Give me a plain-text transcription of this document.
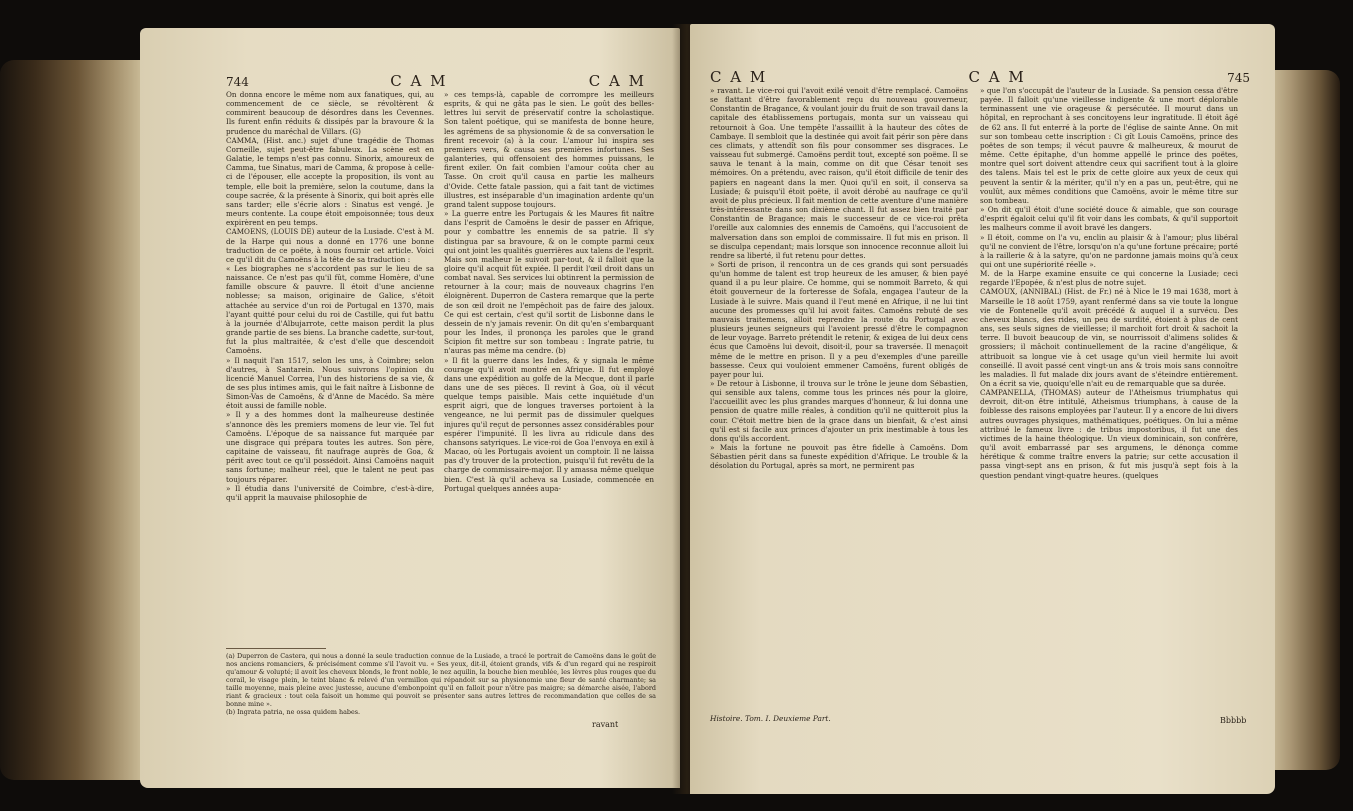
744	C A M	C A M

On donna encore le même nom aux fanatiques, qui, au commencement de ce siècle, se révoltèrent & commirent beaucoup de désordres dans les Cevennes. Ils furent enfin réduits & dissipés par la bravoure & la prudence du maréchal de Villars. (G)
CAMMA, (Hist. anc.) sujet d'une tragédie de Thomas Corneille, sujet peut-être fabuleux. La scène est en Galatie, le temps n'est pas connu. Sinorix, amoureux de Camma, tue Sinatus, mari de Camma, & propose à celle-ci de l'épouser, elle accepte la proposition, ils vont au temple, elle boit la première, selon la coutume, dans la coupe sacrée, & la présente à Sinorix, qui boit après elle sans tarder; elle s'écrie alors : Sinatus est vengé. Je meurs contente. La coupe étoit empoisonnée; tous deux expirèrent en peu temps.
CAMOENS, (LOUIS DE) auteur de la Lusiade. C'est à M. de la Harpe qui nous a donné en 1776 une bonne traduction de ce poëte, à nous fournir cet article. Voici ce qu'il dit du Camoëns à la tête de sa traduction :
« Les biographes ne s'accordent pas sur le lieu de sa naissance. Ce n'est pas qu'il fût, comme Homère, d'une famille obscure & pauvre. Il étoit d'une ancienne noblesse; sa maison, originaire de Galice, s'étoit attachée au service d'un roi de Portugal en 1370, mais l'ayant quitté pour celui du roi de Castille, qui fut battu à la journée d'Albujarrote, cette maison perdit la plus grande partie de ses biens. La branche cadette, sur-tout, fut la plus maltraitée, & c'est d'elle que descendoit Camoëns.
» Il naquit l'an 1517, selon les uns, à Coimbre; selon d'autres, à Santarein. Nous suivrons l'opinion du licencié Manuel Correa, l'un des historiens de sa vie, & de ses plus intimes amis, qui le fait naître à Lisbonne de Simon-Vas de Camoëns, & d'Anne de Macédo. Sa mère étoit aussi de famille noble.
» Il y a des hommes dont la malheureuse destinée s'annonce dès les premiers momens de leur vie. Tel fut Camoëns. L'époque de sa naissance fut marquée par une disgrace qui prépara toutes les autres. Son père, capitaine de vaisseau, fit naufrage auprès de Goa, & périt avec tout ce qu'il possédoit. Ainsi Camoëns naquit sans fortune; malheur réel, que le talent ne peut pas toujours réparer.
» Il étudia dans l'université de Coimbre, c'est-à-dire, qu'il apprit la mauvaise philosophie de

» ces temps-là, capable de corrompre les meilleurs esprits, & qui ne gâta pas le sien. Le goût des belles-lettres lui servit de préservatif contre la scholastique. Son talent poétique, qui se manifesta de bonne heure, les agrémens de sa physionomie & de sa conversation le firent recevoir (a) à la cour. L'amour lui inspira ses premiers vers, & causa ses premières infortunes. Ses galanteries, qui offensoient des hommes puissans, le firent exiler. On fait combien l'amour coûta cher au Tasse. On croit qu'il causa en partie les malheurs d'Ovide. Cette fatale passion, qui a fait tant de victimes illustres, est inséparable d'un imagination ardente qu'un grand talent suppose toujours.
» La guerre entre les Portugais & les Maures fit naître dans l'esprit de Camoëns le desir de passer en Afrique, pour y combattre les ennemis de sa patrie. Il s'y distingua par sa bravoure, & on le compte parmi ceux qui ont joint les qualités guerrières aux talens de l'esprit. Mais son malheur le suivoit par-tout, & il falloit que la gloire qu'il acquit fût expiée. Il perdit l'œil droit dans un combat naval. Ses services lui obtinrent la permission de retourner à la cour; mais de nouveaux chagrins l'en éloignèrent. Duperron de Castera remarque que la perte de son œil droit ne l'empêchoit pas de faire des jaloux. Ce qui est certain, c'est qu'il sortit de Lisbonne dans le dessein de n'y jamais revenir. On dit qu'en s'embarquant pour les Indes, il prononça les paroles que le grand Scipion fit mettre sur son tombeau : Ingrate patrie, tu n'auras pas même ma cendre. (b)
» Il fit la guerre dans les Indes, & y signala le même courage qu'il avoit montré en Afrique. Il fut employé dans une expédition au golfe de la Mecque, dont il parle dans une de ses pièces. Il revint à Goa, où il vécut quelque temps paisible. Mais cette inquiétude d'un esprit aigri, que de longues traverses portoient à la vengeance, ne lui permit pas de dissimuler quelques injures qu'il reçut de personnes assez considérables pour espérer l'impunité. Il les livra au ridicule dans des chansons satyriques. Le vice-roi de Goa l'envoya en exil à Macao, où les Portugais avoient un comptoir. Il ne laissa pas d'y trouver de la protection, puisqu'il fut revêtu de la charge de commissaire-major. Il y amassa même quelque bien. C'est là qu'il acheva sa Lusiade, commencée en Portugal quelques années aupa-

(a) Duperron de Castera, qui nous a donné la seule traduction connue de la Lusiade, a tracé le portrait de Camoëns dans le goût de nos anciens romanciers, & précisément comme s'il l'avoit vu. « Ses yeux, dit-il, étoient grands, vifs & d'un regard qui ne respiroit qu'amour & volupté; il avoit les cheveux blonds, le front noble, le nez aquilin, la bouche bien meublée, les lèvres plus rouges que du corail, le visage plein, le teint blanc & relevé d'un vermillon qui répandoit sur sa physionomie une fleur de santé charmante; sa taille moyenne, mais pleine avec justesse, aucune d'embonpoint qu'il en falloit pour n'être pas maigre; sa démarche aisée, l'abord riant & gracieux : tout cela faisoit un homme qui pouvoit se présenter sans autres lettres de recommandation que celles de sa bonne mine ».
(b) Ingrata patria, ne ossa quidem habes.

ravant
C A M	C A M	745

» ravant. Le vice-roi qui l'avoit exilé venoit d'être remplacé. Camoëns se flattant d'être favorablement reçu du nouveau gouverneur, Constantin de Bragance, & voulant jouir du fruit de son travail dans la capitale des établissemens portugais, monta sur un vaisseau qui retournoit à Goa. Une tempête l'assaillit à la hauteur des côtes de Cambaye. Il sembloit que la destinée qui avoit fait périr son père dans ces climats, y attendît son fils pour consommer ses disgraces. Le vaisseau fut submergé. Camoëns perdit tout, excepté son poëme. Il se sauva le tenant à la main, comme on dit que César tenoit ses mémoires. On a prétendu, avec raison, qu'il étoit difficile de tenir des papiers en nageant dans la mer. Quoi qu'il en soit, il conserva sa Lusiade; & puisqu'il étoit poëte, il avoit dérobé au naufrage ce qu'il avoit de plus précieux. Il fait mention de cette aventure d'une manière très-intéressante dans son dixième chant. Il fut assez bien traité par Constantin de Bragance; mais le successeur de ce vice-roi prêta l'oreille aux calomnies des ennemis de Camoëns, qui l'accusoient de malversation dans son emploi de commissaire. Il fut mis en prison. Il se disculpa cependant; mais lorsque son innocence reconnue alloit lui rendre sa liberté, il fut retenu pour dettes.
» Sorti de prison, il rencontra un de ces grands qui sont persuadés qu'un homme de talent est trop heureux de les amuser, & bien payé quand il a pu leur plaire. Ce homme, qui se nommoit Barreto, & qui étoit gouverneur de la forteresse de Sofala, engagea l'auteur de la Lusiade à le suivre. Mais quand il l'eut mené en Afrique, il ne lui tint aucune des promesses qu'il lui avoit faites. Camoëns rebuté de ses mauvais traitemens, alloit reprendre la route du Portugal avec plusieurs jeunes seigneurs qui l'avoient pressé d'être le compagnon de leur voyage. Barreto prétendit le retenir, & exigea de lui deux cens écus que Camoëns lui devoit, disoit-il, pour sa traversée. Il menaçoit même de le mettre en prison. Il y a peu d'exemples d'une pareille bassesse. Ceux qui vouloient emmener Camoëns, furent obligés de payer pour lui.
» De retour à Lisbonne, il trouva sur le trône le jeune dom Sébastien, qui sensible aux talens, comme tous les princes nés pour la gloire, l'accueillit avec les plus grandes marques d'honneur, & lui donna une pension de quatre mille réales, à condition qu'il ne quitteroit plus la cour. C'étoit mettre bien de la grace dans un bienfait, & c'est ainsi qu'il est si facile aux princes d'ajouter un prix inestimable à tous les dons qu'ils accordent.
» Mais la fortune ne pouvoit pas être fidelle à Camoëns. Dom Sébastien périt dans sa funeste expédition d'Afrique. Le trouble & la désolation du Portugal, après sa mort, ne permirent pas

» que l'on s'occupât de l'auteur de la Lusiade. Sa pension cessa d'être payée. Il falloit qu'une vieillesse indigente & une mort déplorable terminassent une vie orageuse & persécutée. Il mourut dans un hôpital, en reprochant à ses concitoyens leur ingratitude. Il étoit âgé de 62 ans. Il fut enterré à la porte de l'église de sainte Anne. On mit sur son tombeau cette inscription : Ci gît Louis Camoëns, prince des poëtes de son temps; il vécut pauvre & malheureux, & mourut de même. Cette épitaphe, d'un homme appellé le prince des poëtes, montre quel sort doivent attendre ceux qui sacrifient tout à la gloire des talens. Mais tel est le prix de cette gloire aux yeux de ceux qui peuvent la sentir & la mériter, qu'il n'y en a pas un, peut-être, qui ne voulût, aux mêmes conditions que Camoëns, avoir le même titre sur son tombeau.
» On dit qu'il étoit d'une société douce & aimable, que son courage d'esprit égaloit celui qu'il fit voir dans les combats, & qu'il supportoit les malheurs comme il avoit bravé les dangers.
» Il étoit, comme on l'a vu, enclin au plaisir & à l'amour; plus libéral qu'il ne convient de l'être, lorsqu'on n'a qu'une fortune précaire; porté à la raillerie & à la satyre, qu'on ne pardonne jamais moins qu'à ceux qui ont une supériorité réelle ».
M. de la Harpe examine ensuite ce qui concerne la Lusiade; ceci regarde l'Epopée, & n'est plus de notre sujet.
CAMOUX, (ANNIBAL) (Hist. de Fr.) né à Nice le 19 mai 1638, mort à Marseille le 18 août 1759, ayant renfermé dans sa vie toute la longue vie de Fontenelle qu'il avoit précédé & auquel il a survécu. Des cheveux blancs, des rides, un peu de surdité, étoient à plus de cent ans, ses seuls signes de vieillesse; il marchoit fort droit & sachoit la terre. Il buvoit beaucoup de vin, se nourrissoit d'alimens solides & grossiers; il mâchoit continuellement de la racine d'angélique, & attribuoit sa longue vie à cet usage qu'un vieil hermite lui avoit conseillé. Il avoit passé cent vingt-un ans & trois mois sans connoître les maladies. Il fut malade dix jours avant de s'éteindre entièrement. On a écrit sa vie, quoiqu'elle n'ait eu de remarquable que sa durée.
CAMPANELLA, (THOMAS) auteur de l'Atheismus triumphatus qui devroit, dit-on être intitulé, Atheismus triumphans, à cause de la foiblesse des raisons employées par l'auteur. Il y a encore de lui divers autres ouvrages physiques, mathématiques, poétiques. On lui a même attribué le fameux livre : de tribus impostoribus, il fut une des victimes de la haine théologique. Un vieux dominicain, son confrère, qu'il avoit embarrassé par ses argumens, le dénonça comme hérétique & comme traître envers la patrie; sur cette accusation il passa vingt-sept ans en prison, & fut mis jusqu'à sept fois à la question pendant vingt-quatre heures. (quelques

Histoire. Tom. I. Deuxieme Part.	Bbbbb
